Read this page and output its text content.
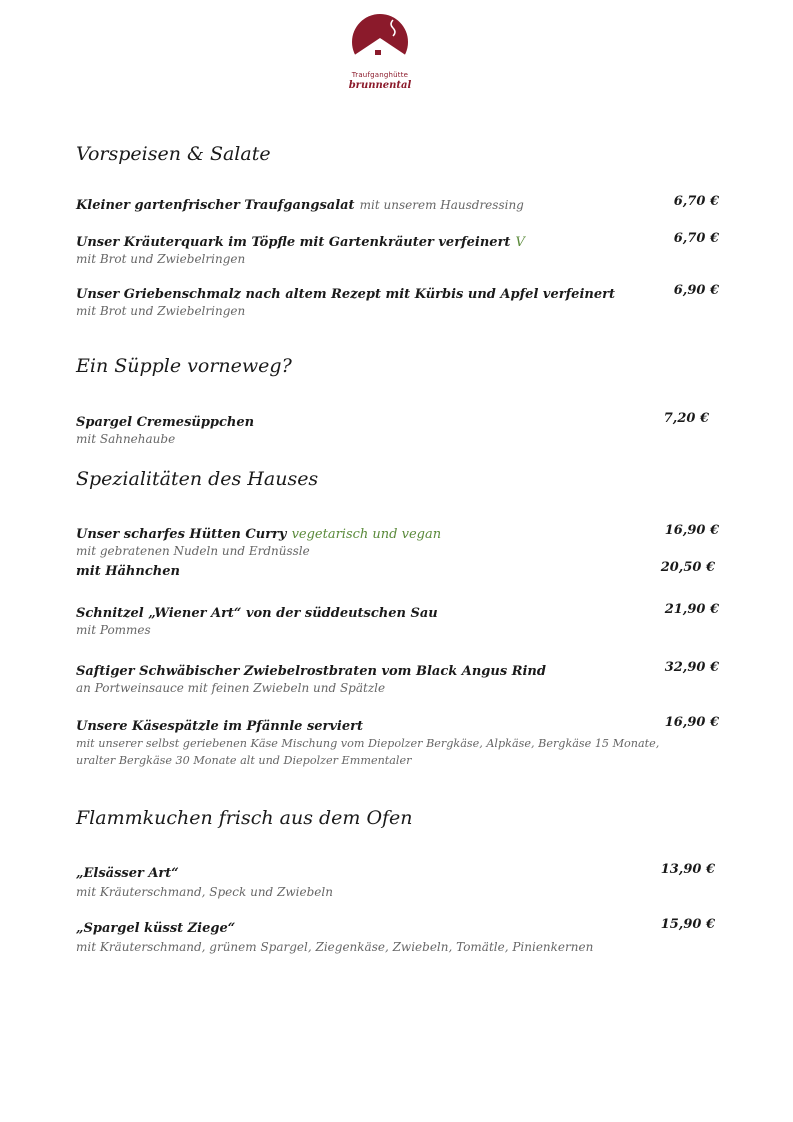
Traufganghütte
brunnental
Vorspeisen & Salate
Kleiner gartenfrischer Traufgangsalat mit unserem Hausdressing	6,70 €
Unser Kräuterquark im Töpfle mit Gartenkräuter verfeinert V	6,70 €
mit Brot und Zwiebelringen
Unser Griebenschmalz nach altem Rezept mit Kürbis und Apfel verfeinert	6,90 €
mit Brot und Zwiebelringen
Ein Süpple vorneweg?
Spargel Cremesüppchen	7,20 €
mit Sahnehaube
Spezialitäten des Hauses
Unser scharfes Hütten Curry vegetarisch und vegan	16,90 €
mit gebratenen Nudeln und Erdnüssle
mit Hähnchen	20,50 €
Schnitzel „Wiener Art“ von der süddeutschen Sau	21,90 €
mit Pommes
Saftiger Schwäbischer Zwiebelrostbraten vom Black Angus Rind	32,90 €
an Portweinsauce mit feinen Zwiebeln und Spätzle
Unsere Käsespätzle im Pfännle serviert	16,90 €
mit unserer selbst geriebenen Käse Mischung vom Diepolzer Bergkäse, Alpkäse, Bergkäse 15 Monate,
uralter Bergkäse 30 Monate alt und Diepolzer Emmentaler
Flammkuchen frisch aus dem Ofen
„Elsässer Art“	13,90 €
mit Kräuterschmand, Speck und Zwiebeln
„Spargel küsst Ziege“	15,90 €
mit Kräuterschmand, grünem Spargel, Ziegenkäse, Zwiebeln, Tomätle, Pinienkernen
